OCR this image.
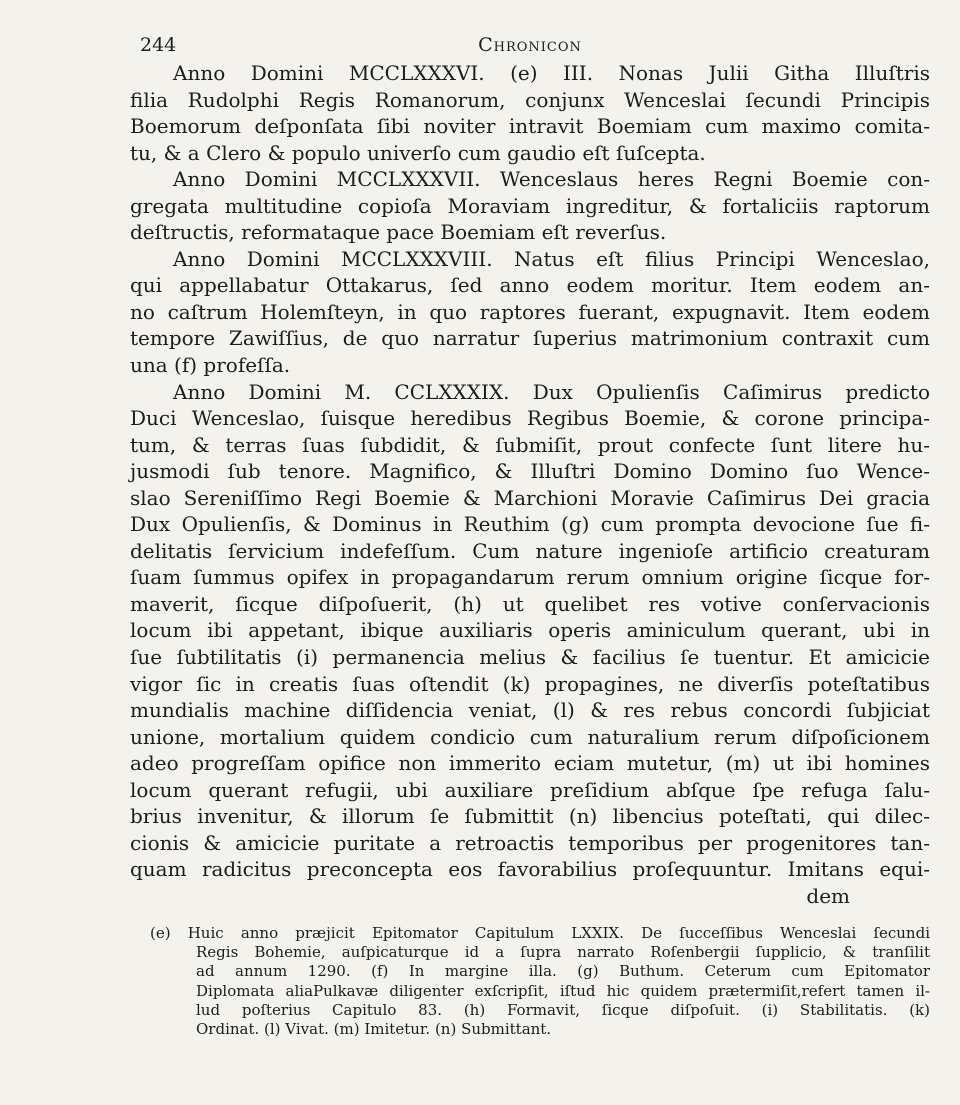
244	Chronicon
Anno Domini MCCLXXXVI. (e) III. Nonas Julii Githa Illuſtris
filia Rudolphi Regis Romanorum, conjunx Wenceslai ſecundi Principis
Boemorum deſponſata ſibi noviter intravit Boemiam cum maximo comita-
tu, & a Clero & populo univerſo cum gaudio eſt ſuſcepta.
Anno Domini MCCLXXXVII. Wenceslaus heres Regni Boemie con-
gregata multitudine copioſa Moraviam ingreditur, & fortaliciis raptorum
deſtructis, reformataque pace Boemiam eſt reverſus.
Anno Domini MCCLXXXVIII. Natus eſt filius Principi Wenceslao,
qui appellabatur Ottakarus, ſed anno eodem moritur. Item eodem an-
no caſtrum Holemſteyn, in quo raptores fuerant, expugnavit. Item eodem
tempore Zawiſſius, de quo narratur ſuperius matrimonium contraxit cum
una (f) profeſſa.
Anno Domini M. CCLXXXIX. Dux Opulienſis Caſimirus predicto
Duci Wenceslao, ſuisque heredibus Regibus Boemie, & corone principa-
tum, & terras ſuas ſubdidit, & ſubmiſit, prout confecte ſunt litere hu-
jusmodi ſub tenore. Magnifico, & Illuſtri Domino Domino ſuo Wence-
slao Sereniſſimo Regi Boemie & Marchioni Moravie Caſimirus Dei gracia
Dux Opulienſis, & Dominus in Reuthim (g) cum prompta devocione ſue fi-
delitatis ſervicium indefeſſum. Cum nature ingenioſe artificio creaturam
ſuam ſummus opifex in propagandarum rerum omnium origine ſicque for-
maverit, ſicque diſpoſuerit, (h) ut quelibet res votive conſervacionis
locum ibi appetant, ibique auxiliaris operis aminiculum querant, ubi in
ſue ſubtilitatis (i) permanencia melius & facilius ſe tuentur. Et amicicie
vigor ſic in creatis ſuas oſtendit (k) propagines, ne diverſis poteſtatibus
mundialis machine diſſidencia veniat, (l) & res rebus concordi ſubjiciat
unione, mortalium quidem condicio cum naturalium rerum diſpoſicionem
adeo progreſſam opifice non immerito eciam mutetur, (m) ut ibi homines
locum querant refugii, ubi auxiliare preſidium abſque ſpe refuga ſalu-
brius invenitur, & illorum ſe ſubmittit (n) libencius poteſtati, qui dilec-
cionis & amicicie puritate a retroactis temporibus per progenitores tan-
quam radicitus preconcepta eos favorabilius proſequuntur. Imitans equi-
dem
(e) Huic anno præjicit Epitomator Capitulum LXXIX. De ſucceſſibus Wenceslai ſecundi
Regis Bohemie, auſpicaturque id a ſupra narrato Roſenbergii ſupplicio, & tranſilit
ad annum 1290. (f) In margine illa. (g) Buthum. Ceterum cum Epitomator
Diplomata aliaPulkavæ diligenter exſcripſit, iſtud hic quidem prætermiſit,refert tamen il-
lud poſterius Capitulo 83. (h) Formavit, ſicque diſpoſuit. (i) Stabilitatis. (k)
Ordinat. (l) Vivat. (m) Imitetur. (n) Submittant.
